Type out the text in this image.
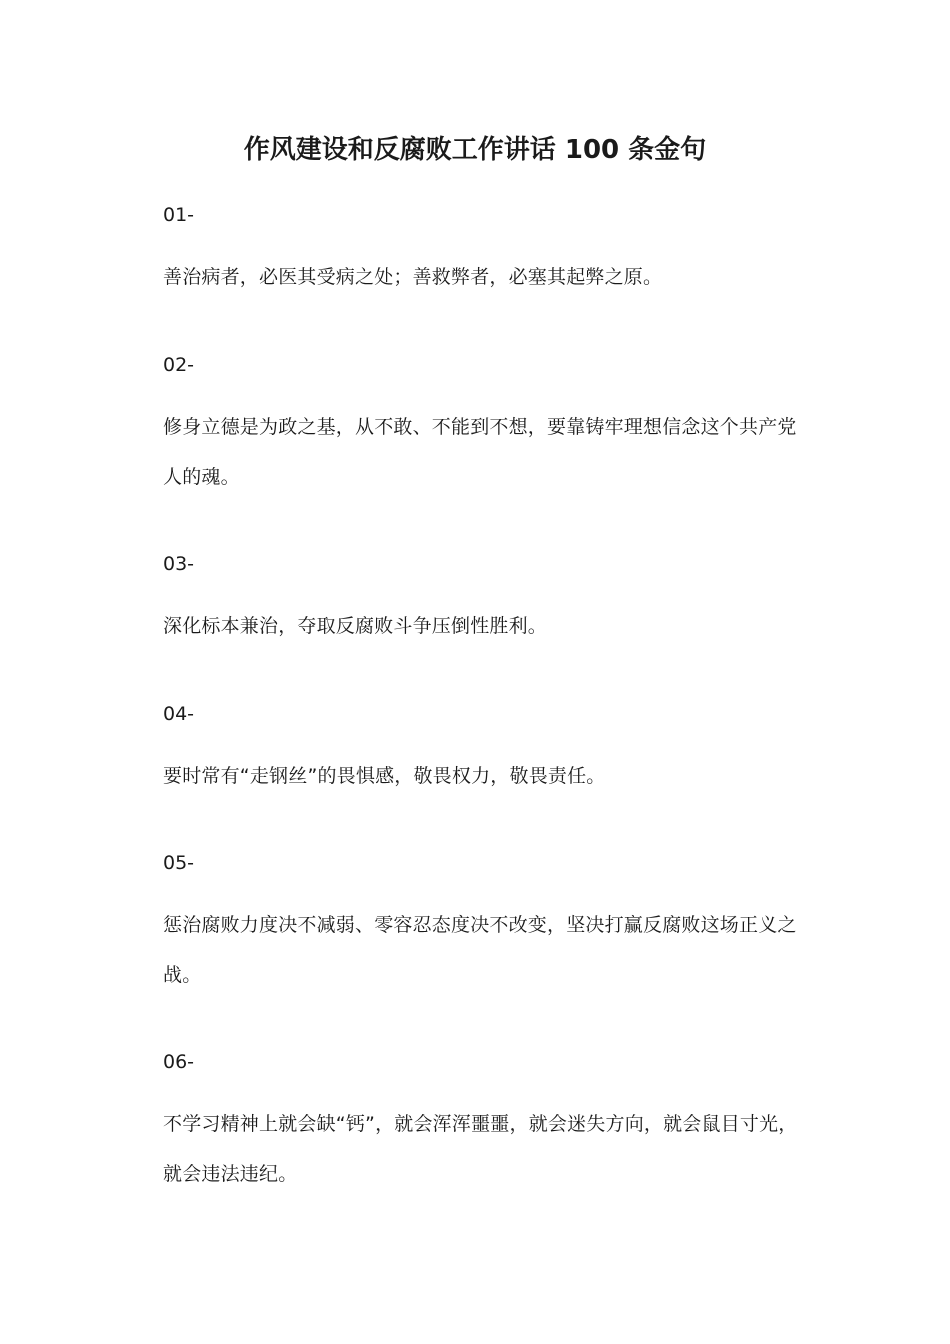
作风建设和反腐败工作讲话 100 条金句

01-

善治病者，必医其受病之处；善救弊者，必塞其起弊之原。

02-

修身立德是为政之基，从不敢、不能到不想，要靠铸牢理想信念这个共产党人的魂。

03-

深化标本兼治，夺取反腐败斗争压倒性胜利。

04-

要时常有“走钢丝”的畏惧感，敬畏权力，敬畏责任。

05-

惩治腐败力度决不减弱、零容忍态度决不改变，坚决打赢反腐败这场正义之战。

06-

不学习精神上就会缺“钙”，就会浑浑噩噩，就会迷失方向，就会鼠目寸光，就会违法违纪。
